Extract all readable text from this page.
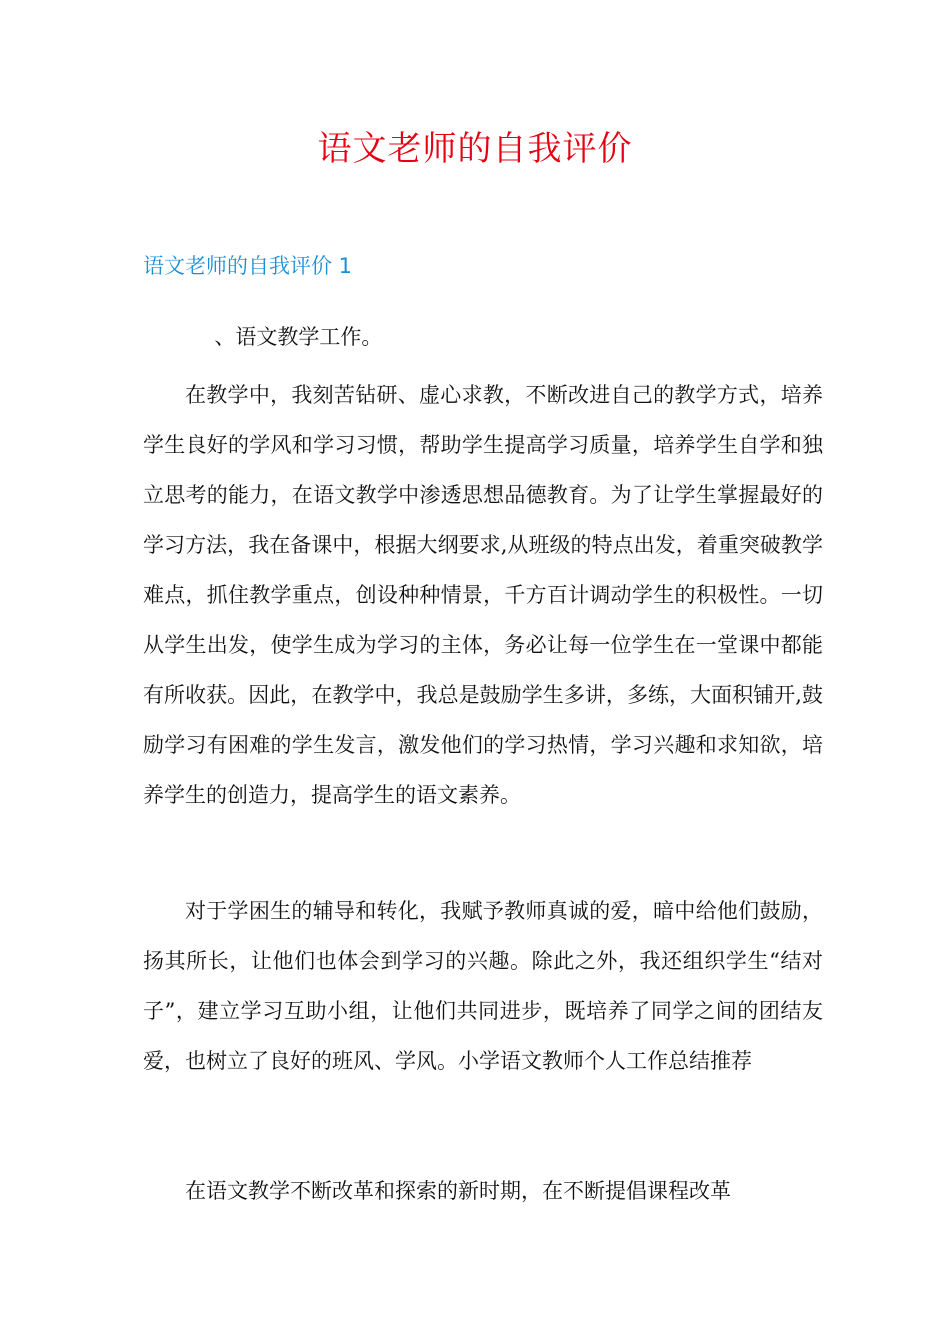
语文老师的自我评价
语文老师的自我评价 1

、语文教学工作。

在教学中，我刻苦钻研、虚心求教，不断改进自己的教学方式，培养学生良好的学风和学习习惯，帮助学生提高学习质量，培养学生自学和独立思考的能力，在语文教学中渗透思想品德教育。为了让学生掌握最好的学习方法，我在备课中，根据大纲要求,从班级的特点出发，着重突破教学难点，抓住教学重点，创设种种情景，千方百计调动学生的积极性。一切从学生出发，使学生成为学习的主体，务必让每一位学生在一堂课中都能有所收获。因此，在教学中，我总是鼓励学生多讲，多练，大面积铺开,鼓励学习有困难的学生发言，激发他们的学习热情，学习兴趣和求知欲，培养学生的创造力，提高学生的语文素养。

对于学困生的辅导和转化，我赋予教师真诚的爱，暗中给他们鼓励，扬其所长，让他们也体会到学习的兴趣。除此之外，我还组织学生“结对子”，建立学习互助小组，让他们共同进步，既培养了同学之间的团结友爱，也树立了良好的班风、学风。小学语文教师个人工作总结推荐

在语文教学不断改革和探索的新时期，在不断提倡课程改革
